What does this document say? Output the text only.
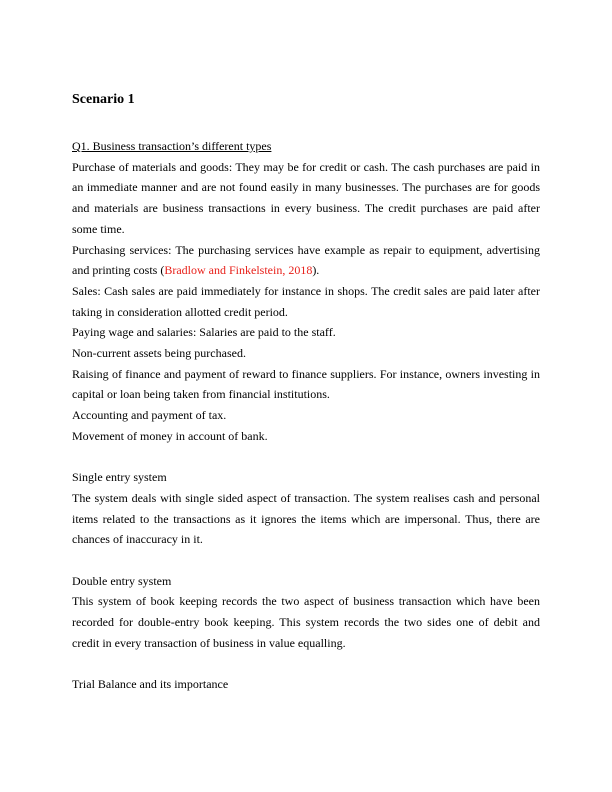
Scenario 1

Q1. Business transaction’s different types

Purchase of materials and goods: They may be for credit or cash. The cash purchases are paid in an immediate manner and are not found easily in many businesses. The purchases are for goods and materials are business transactions in every business. The credit purchases are paid after some time.

Purchasing services: The purchasing services have example as repair to equipment, advertising and printing costs (Bradlow and Finkelstein, 2018).

Sales: Cash sales are paid immediately for instance in shops. The credit sales are paid later after taking in consideration allotted credit period.

Paying wage and salaries: Salaries are paid to the staff.

Non-current assets being purchased.

Raising of finance and payment of reward to finance suppliers. For instance, owners investing in capital or loan being taken from financial institutions.

Accounting and payment of tax.

Movement of money in account of bank.

Single entry system

The system deals with single sided aspect of transaction. The system realises cash and personal items related to the transactions as it ignores the items which are impersonal. Thus, there are chances of inaccuracy in it.

Double entry system

This system of book keeping records the two aspect of business transaction which have been recorded for double-entry book keeping. This system records the two sides one of debit and credit in every transaction of business in value equalling.

Trial Balance and its importance
